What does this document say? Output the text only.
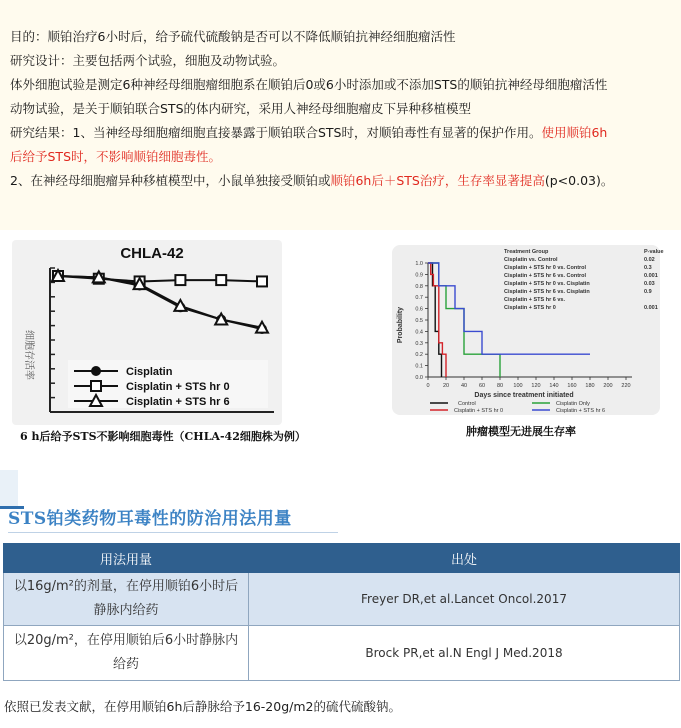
目的：顺铂治疗6小时后，给予硫代硫酸钠是否可以不降低顺铂抗神经细胞瘤活性
研究设计：主要包括两个试验，细胞及动物试验。
体外细胞试验是测定6种神经母细胞瘤细胞系在顺铂后0或6小时添加或不添加STS的顺铂抗神经母细胞瘤活性
动物试验，是关于顺铂联合STS的体内研究，采用人神经母细胞瘤皮下异种移植模型
研究结果：1、当神经母细胞瘤细胞直接暴露于顺铂联合STS时，对顺铂毒性有显著的保护作用。使用顺铂6h
后给予STS时，不影响顺铂细胞毒性。
2、在神经母细胞瘤异种移植模型中，小鼠单独接受顺铂或顺铂6h后＋STS治疗，生存率显著提高(p<0.03)。
CHLA-42
细胞存活率	Cisplatin
Cisplatin + STS hr 0
Cisplatin + STS hr 6
6 h后给予STS不影响细胞毒性（CHLA-42细胞株为例）
Treatment Group	P-value
Cisplatin vs. Control	0.02
Cisplatin + STS hr 0 vs. Control	0.3
Cisplatin + STS hr 6 vs. Control	0.001
Cisplatin + STS hr 0 vs. Cisplatin	0.03
Cisplatin + STS hr 6 vs. Cisplatin	0.9
Cisplatin + STS hr 6 vs.
Cisplatin + STS hr 0	0.001
1.0
0.9
0.8
0.7
0.6
0.5
0.4
0.3
0.2
0.1
0.0
0 20 40 60 80 100 120 140 160 180 200 220
Probability
Days since treatment initiated
Control	Cisplatin Only
Cisplatin + STS hr 0	Cisplatin + STS hr 6
肿瘤模型无进展生存率
STS铂类药物耳毒性的防治用法用量
用法用量	出处
以16g/m²的剂量，在停用顺铂6小时后静脉内给药	Freyer DR,et al.Lancet Oncol.2017
以20g/m²，在停用顺铂后6小时静脉内给药	Brock PR,et al.N Engl J Med.2018
依照已发表文献，在停用顺铂6h后静脉给予16-20g/m2的硫代硫酸钠。
